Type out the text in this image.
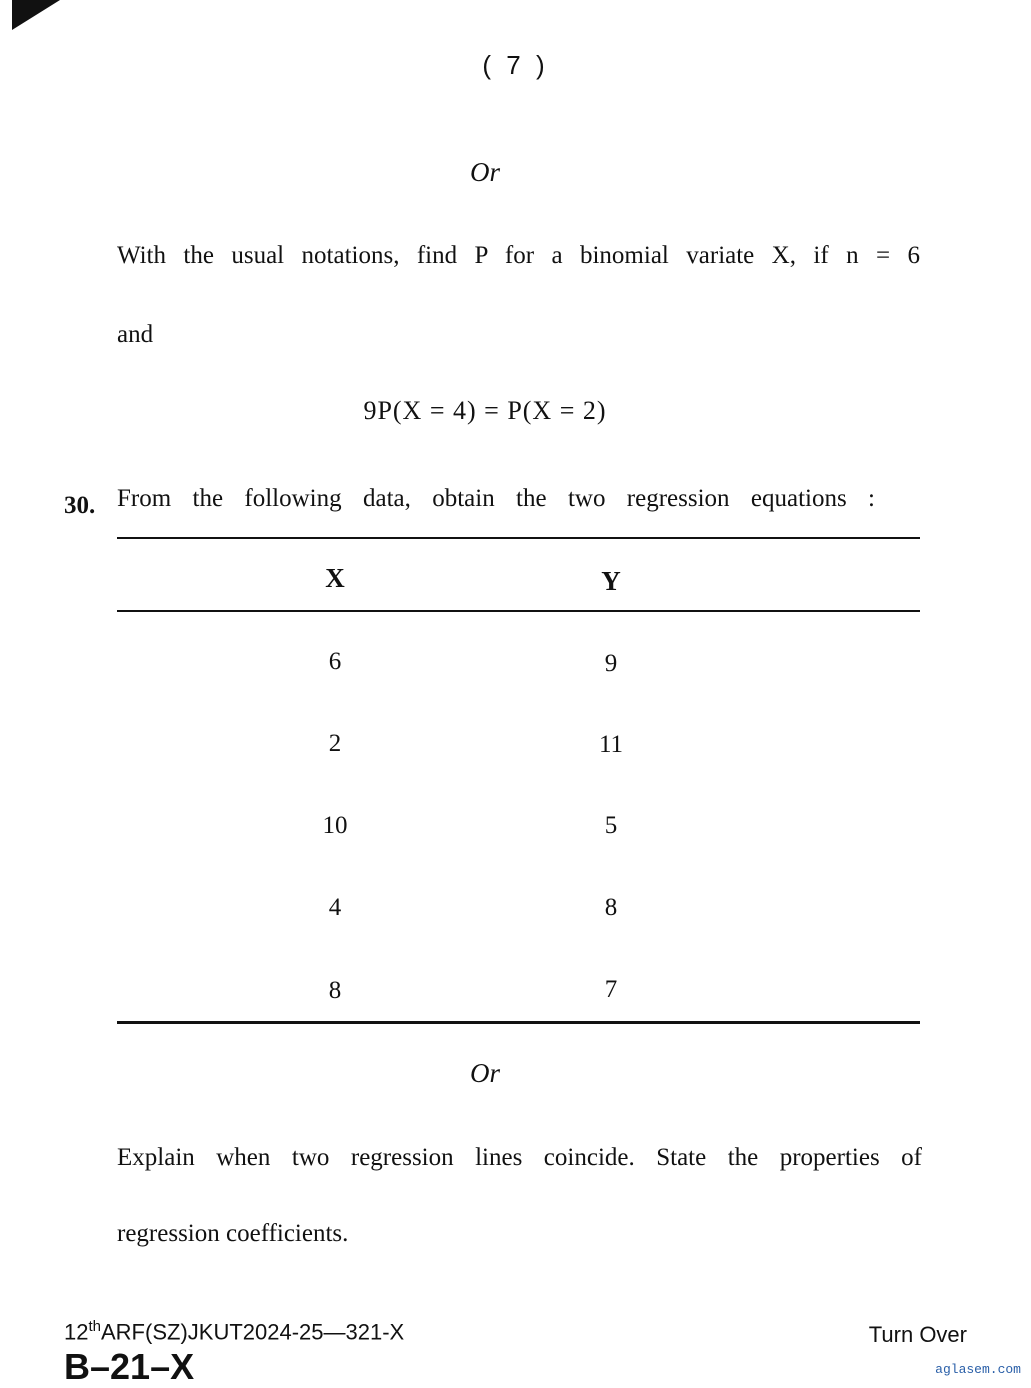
( 7 )
Or
With the usual notations, find P for a binomial variate X, if n = 6
and
9P(X = 4) = P(X = 2)
30. From the following data, obtain the two regression equations :
X	Y
6	9
2	11
10	5
4	8
8	7
Or
Explain when two regression lines coincide. State the properties of
regression coefficients.
12thARF(SZ)JKUT2024-25—321-X
B–21–X
Turn Over
aglasem.com
